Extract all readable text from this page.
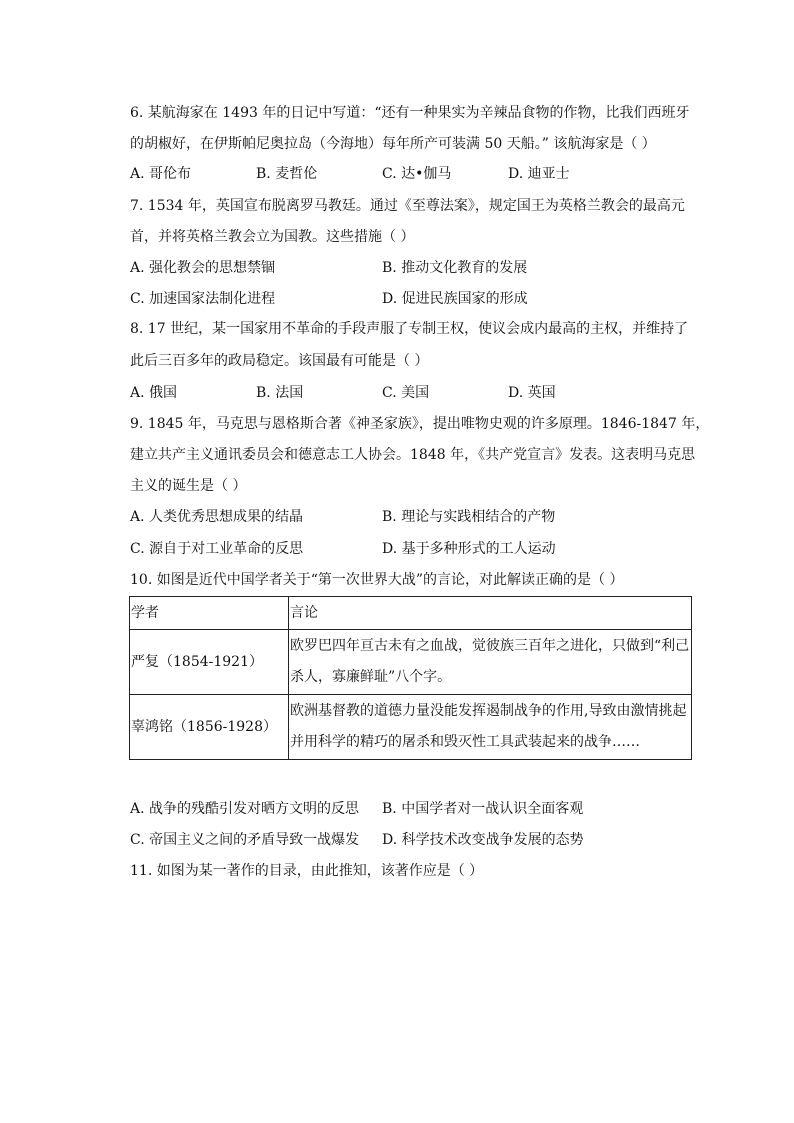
6. 某航海家在 1493 年的日记中写道：“还有一种果实为辛辣品食物的作物，比我们西班牙
的胡椒好，在伊斯帕尼奥拉岛（今海地）每年所产可装满 50 天船。” 该航海家是（ ）
A. 哥伦布	B. 麦哲伦	C. 达•伽马	D. 迪亚士
7. 1534 年，英国宣布脱离罗马教廷。通过《至尊法案》，规定国王为英格兰教会的最高元
首，并将英格兰教会立为国教。这些措施（ ）
A. 强化教会的思想禁锢	B. 推动文化教育的发展
C. 加速国家法制化进程	D. 促进民族国家的形成
8. 17 世纪，某一国家用不革命的手段声服了专制王权，使议会成内最高的主权，并维持了
此后三百多年的政局稳定。该国最有可能是（ ）
A. 俄国	B. 法国	C. 美国	D. 英国
9. 1845 年，马克思与恩格斯合著《神圣家族》，提出唯物史观的许多原理。1846-1847 年，
建立共产主义通讯委员会和德意志工人协会。1848 年，《共产党宣言》发表。这表明马克思
主义的诞生是（ ）
A. 人类优秀思想成果的结晶	B. 理论与实践相结合的产物
C. 源自于对工业革命的反思	D. 基于多种形式的工人运动
10. 如图是近代中国学者关于“第一次世界大战”的言论，对此解读正确的是（ ）
学者	言论
严复（1854-1921）	欧罗巴四年亘古未有之血战，觉彼族三百年之进化，只做到“利己
杀人，寡廉鲜耻”八个字。

辜鸿铭（1856-1928）	欧洲基督教的道德力量没能发挥遏制战争的作用,导致由激情挑起
并用科学的精巧的屠杀和毁灭性工具武装起来的战争……
A. 战争的残酷引发对晒方文明的反思 B. 中国学者对一战认识全面客观
C. 帝国主义之间的矛盾导致一战爆发 D. 科学技术改变战争发展的态势
11. 如图为某一著作的目录，由此推知，该著作应是（ ）
